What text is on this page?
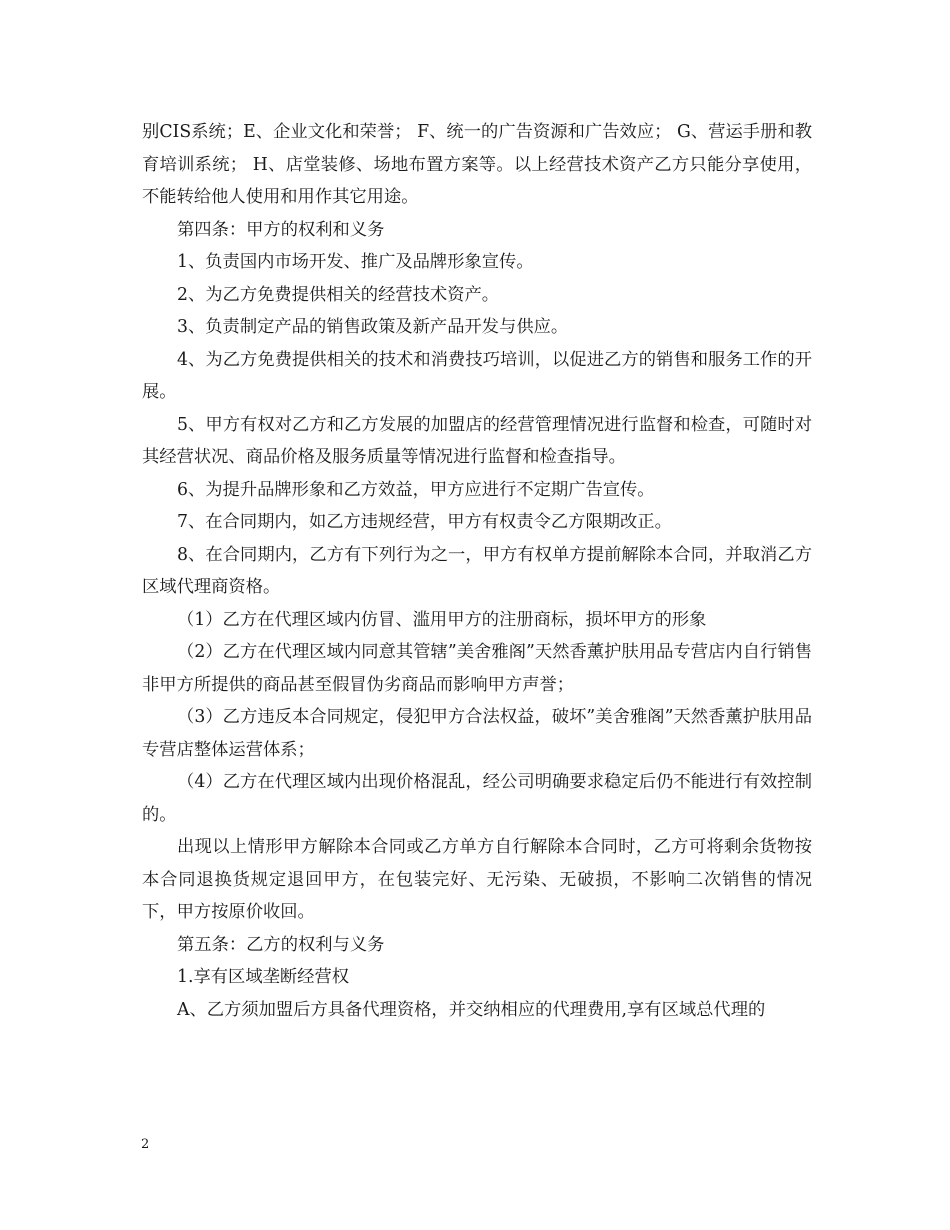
别CIS系统；E、企业文化和荣誉； F、统一的广告资源和广告效应； G、营运手册和教育培训系统； H、店堂装修、场地布置方案等。以上经营技术资产乙方只能分享使用，不能转给他人使用和用作其它用途。

第四条：甲方的权利和义务

1、负责国内市场开发、推广及品牌形象宣传。

2、为乙方免费提供相关的经营技术资产。

3、负责制定产品的销售政策及新产品开发与供应。

4、为乙方免费提供相关的技术和消费技巧培训，以促进乙方的销售和服务工作的开展。

5、甲方有权对乙方和乙方发展的加盟店的经营管理情况进行监督和检查，可随时对其经营状况、商品价格及服务质量等情况进行监督和检查指导。

6、为提升品牌形象和乙方效益，甲方应进行不定期广告宣传。

7、在合同期内，如乙方违规经营，甲方有权责令乙方限期改正。

8、在合同期内，乙方有下列行为之一，甲方有权单方提前解除本合同，并取消乙方区域代理商资格。

（1）乙方在代理区域内仿冒、滥用甲方的注册商标，损坏甲方的形象

（2）乙方在代理区域内同意其管辖”美舍雅阁”天然香薰护肤用品专营店内自行销售非甲方所提供的商品甚至假冒伪劣商品而影响甲方声誉；

（3）乙方违反本合同规定，侵犯甲方合法权益，破坏”美舍雅阁”天然香薰护肤用品专营店整体运营体系；

（4）乙方在代理区域内出现价格混乱，经公司明确要求稳定后仍不能进行有效控制的。

出现以上情形甲方解除本合同或乙方单方自行解除本合同时，乙方可将剩余货物按本合同退换货规定退回甲方，在包装完好、无污染、无破损，不影响二次销售的情况下，甲方按原价收回。

第五条：乙方的权利与义务

1.享有区域垄断经营权

A、乙方须加盟后方具备代理资格，并交纳相应的代理费用,享有区域总代理的

2
